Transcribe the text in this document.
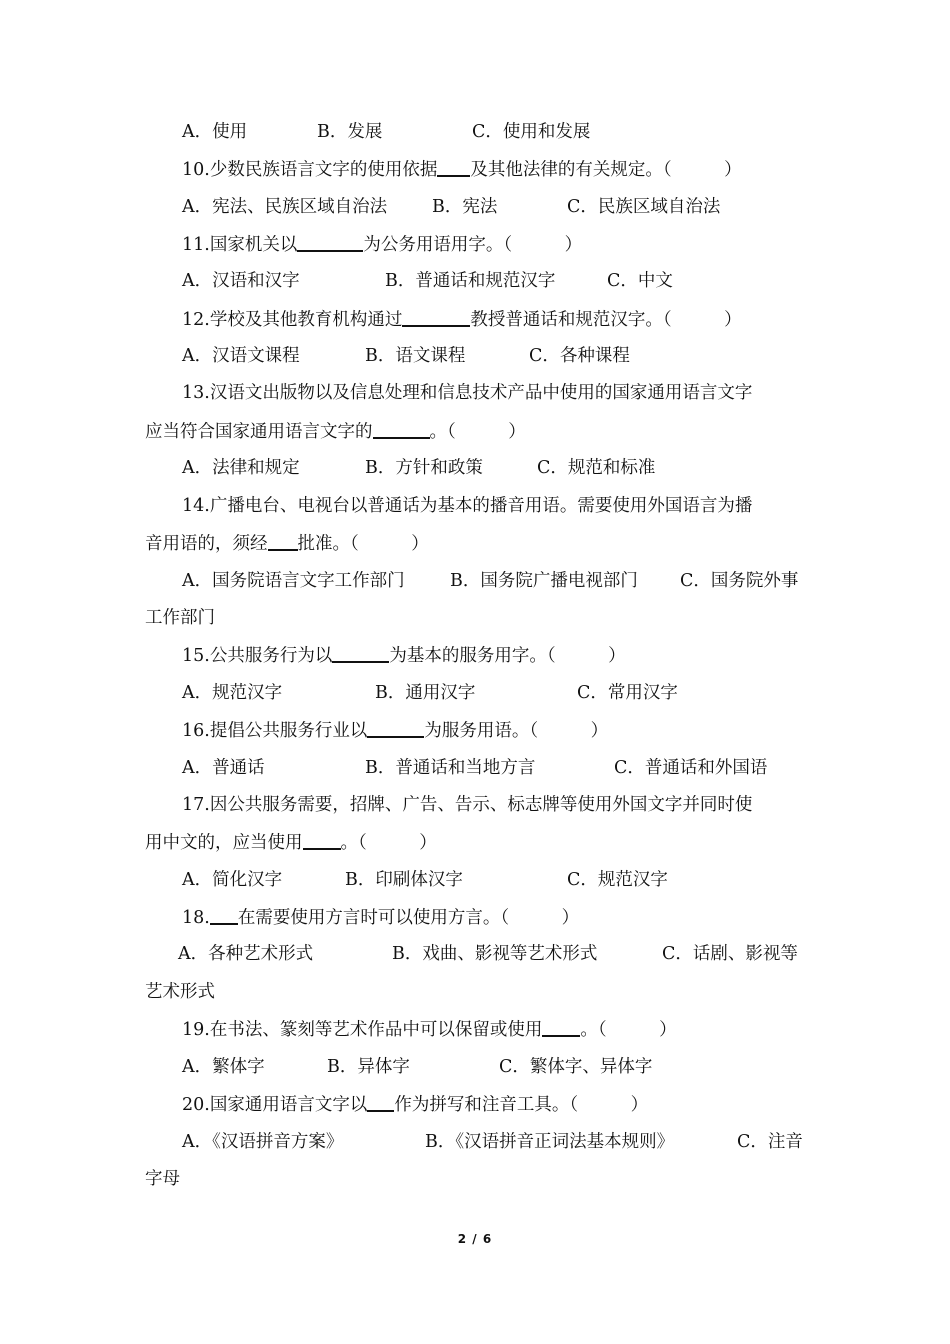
A．使用	B．发展	C．使用和发展
10.少数民族语言文字的使用依据 及其他法律的有关规定。（　　　）
A．宪法、民族区域自治法	B．宪法	C．民族区域自治法
11.国家机关以	为公务用语用字。（　　　）
A．汉语和汉字	B．普通话和规范汉字	C．中文
12.学校及其他教育机构通过	教授普通话和规范汉字。（　　　）
A．汉语文课程	B．语文课程	C．各种课程
13.汉语文出版物以及信息处理和信息技术产品中使用的国家通用语言文字
应当符合国家通用语言文字的	。（　　　）
A．法律和规定	B．方针和政策	C．规范和标准
14.广播电台、电视台以普通话为基本的播音用语。需要使用外国语言为播
音用语的，须经 批准。（　　　）
A．国务院语言文字工作部门	B．国务院广播电视部门 C．国务院外事
工作部门
15.公共服务行为以	为基本的服务用字。（　　　）
A．规范汉字	B．通用汉字	C．常用汉字
16.提倡公共服务行业以	为服务用语。（　　　）
A．普通话	B．普通话和当地方言	C．普通话和外国语
17.因公共服务需要，招牌、广告、告示、标志牌等使用外国文字并同时使
用中文的，应当使用 。（　　　）
A．简化汉字	B．印刷体汉字	C．规范汉字
18. 在需要使用方言时可以使用方言。（　　　）
A．各种艺术形式	B．戏曲、影视等艺术形式	C．话剧、影视等
艺术形式
19.在书法、篆刻等艺术作品中可以保留或使用 。（　　　）
A．繁体字	B．异体字	C．繁体字、异体字
20.国家通用语言文字以 作为拼写和注音工具。（　　　）
A．《汉语拼音方案》	B．《汉语拼音正词法基本规则》	C．注音
字母
2 / 6
